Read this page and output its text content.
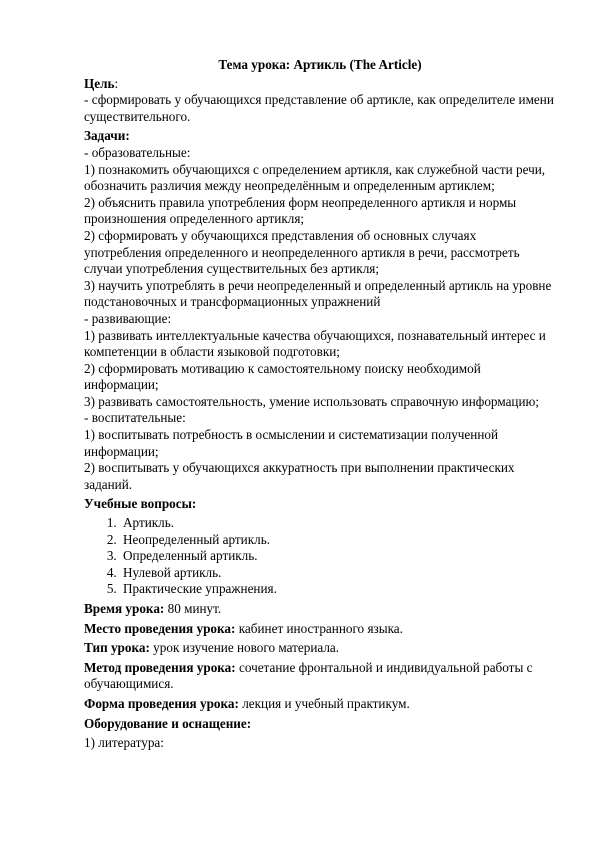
Тема урока: Артикль (The Article)
Цель:
- сформировать у обучающихся представление об артикле, как определителе имени существительного.
Задачи:
- образовательные:
1) познакомить обучающихся с определением артикля, как служебной части речи, обозначить различия между неопределённым и определенным артиклем;
2) объяснить правила употребления форм неопределенного артикля и нормы произношения определенного артикля;
2) сформировать у обучающихся представления об основных случаях употребления определенного и неопределенного артикля в речи, рассмотреть случаи употребления существительных без артикля;
3) научить употреблять в речи неопределенный и определенный артикль на уровне подстановочных и трансформационных упражнений
- развивающие:
1) развивать интеллектуальные качества обучающихся, познавательный интерес и компетенции в области языковой подготовки;
2) сформировать мотивацию к самостоятельному поиску необходимой информации;
3) развивать самостоятельность, умение использовать справочную информацию;
- воспитательные:
1) воспитывать потребность в осмыслении и систематизации полученной информации;
2) воспитывать у обучающихся аккуратность при выполнении практических заданий.
Учебные вопросы:
1. Артикль.
2. Неопределенный артикль.
3. Определенный артикль.
4. Нулевой артикль.
5. Практические упражнения.
Время урока: 80 минут.
Место проведения урока: кабинет иностранного языка.
Тип урока: урок изучение нового материала.
Метод проведения урока: сочетание фронтальной и индивидуальной работы с обучающимися.
Форма проведения урока: лекция и учебный практикум.
Оборудование и оснащение:
1) литература:
